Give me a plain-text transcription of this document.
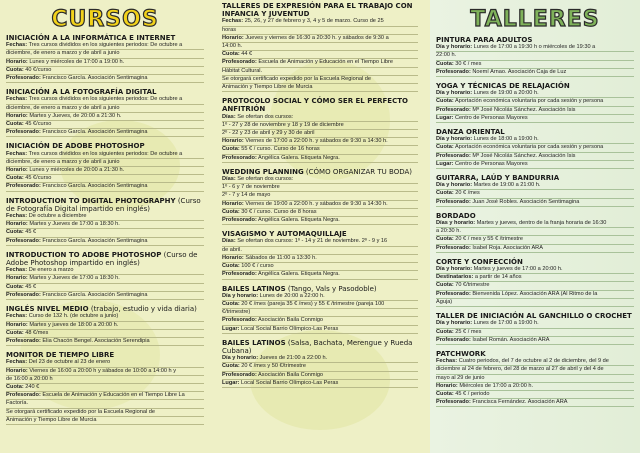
CURSOS
INICIACIÓN A LA INFORMÁTICA E INTERNET
Fechas: Tres cursos divididos en los siguientes periodos: De octubre a
diciembre, de enero a marzo y de abril a junio
Horario: Lunes y miércoles de 17:00 a 19:00 h.
Cuota: 40 €/curso
Profesorado: Francisco García. Asociación Sentimagina
INICIACIÓN A LA FOTOGRAFÍA DIGITAL
Fechas: Tres cursos divididos en los siguientes periodos: De octubre a
diciembre, de enero a marzo y de abril a junio
Horario: Martes y Jueves, de 20:00 a 21:30 h.
Cuota: 45 €/curso
Profesorado: Francisco García. Asociación Sentimagina
INICIACIÓN DE ADOBE PHOTOSHOP
Fechas: Tres cursos divididos en los siguientes periodos: De octubre a
diciembre, de enero a marzo y de abril a junio
Horario: Lunes y miércoles de 20:00 a 21:30 h.
Cuota: 45 €/curso
Profesorado: Francisco García. Asociación Sentimagina
INTRODUCTION TO DIGITAL PHOTOGRAPHY (Curso de Fotografía Digital impartido en inglés)
Fechas: De octubre a diciembre
Horario: Martes y Jueves de 17:00 a 18:30 h.
Cuota: 45 €
Profesorado: Francisco García. Asociación Sentimagina
INTRODUCTION TO ADOBE PHOTOSHOP (Curso de Adobe Photoshop impartido en inglés)
Fechas: De enero a marzo
Horario: Martes y Jueves de 17:00 a 18:30 h.
Cuota: 45 €
Profesorado: Francisco García. Asociación Sentimagina
INGLÉS NIVEL MEDIO (trabajo, estudio y vida diaria)
Fechas: Curso de 132 h. (de octubre a junio)
Horario: Martes y jueves de 18:00 a 20:00 h.
Cuota: 48 €/mes
Profesorado: Elia Chacón Bengel. Asociación Serendipia
MONITOR DE TIEMPO LIBRE
Fechas: Del 23 de octubre al 23 de enero
Horario: Viernes de 16:00 a 20:00 h y sábados de 10:00 a 14:00 h y
de 16:00 a 20:00 h
Cuota: 240 €
Profesorado: Escuela de Animación y Educación en el Tiempo Libre La
Factoría.
Se otorgará certificado expedido por la Escuela Regional de
Animación y Tiempo Libre de Murcia
TALLERES DE EXPRESIÓN PARA EL TRABAJO CON INFANCIA Y JUVENTUD
Fechas: 25, 26, y 27 de febrero y 3, 4 y 5 de marzo. Curso de 25
horas
Horario: Jueves y viernes de 16:30 a 20:30 h. y sábados de 9:30 a
14:00 h.
Cuota: 44 €
Profesorado: Escuela de Animación y Educación en el Tiempo Libre
Hábitat Cultural.
Se otorgará certificado expedido por la Escuela Regional de
Animación y Tiempo Libre de Murcia
PROTOCOLO SOCIAL Y CÓMO SER EL PERFECTO ANFITRIÓN
Días: Se ofertan dos cursos:
1º - 27 y 28 de noviembre y 18 y 19 de diciembre
2º - 22 y 23 de abril y 29 y 30 de abril
Horario: Viernes de 17:00 a 22:00 h. y sábados de 9:30 a 14:30 h.
Cuota: 55 € / curso. Curso de 16 horas
Profesorado: Angélica Galera. Etiqueta Negra.
WEDDING PLANNING (CÓMO ORGANIZAR TU BODA)
Días: Se ofertan dos cursos:
1º - 6 y 7 de noviembre
2º - 7 y 14 de mayo
Horario: Viernes de 19:00 a 22:00 h. y sábados de 9:30 a 14:30 h.
Cuota: 30 € / curso. Curso de 8 horas
Profesorado: Angélica Galera. Etiqueta Negra.
VISAGISMO Y AUTOMAQUILLAJE
Días: Se ofertan dos cursos: 1º - 14 y 21 de noviembre. 2º - 9 y 16
de abril.
Horario: Sábados de 11:00 a 13:30 h.
Cuota: 100 € / curso
Profesorado: Angélica Galera. Etiqueta Negra.
BAILES LATINOS (Tango, Vals y Pasodoble)
Día y horario: Lunes de 20:00 a 22:00 h.
Cuota: 20 € /mes (pareja 35 € /mes) y 55 € /trimestre (pareja 100
€/trimestre)
Profesorado: Asociación Baila Conmigo
Lugar: Local Social Barrio Olímpico-Las Peras
BAILES LATINOS (Salsa, Bachata, Merengue y Rueda Cubana)
Día y horario: Jueves de 21:00 a 22:00 h.
Cuota: 20 € /mes y 50 €/trimestre
Profesorado: Asociación Baila Conmigo
Lugar: Local Social Barrio Olímpico-Las Peras
TALLERES
PINTURA PARA ADULTOS
Día y horario: Lunes de 17:00 a 19:30 h o miércoles de 19:30 a
22:00 h.
Cuota: 30 € / mes
Profesorado: Noemí Arnao. Asociación Caja de Luz
YOGA Y TÉCNICAS DE RELAJACIÓN
Día y horario: Lunes de 19:00 a 20:00 h.
Cuota: Aportación económica voluntaria por cada sesión y persona
Profesorado: Mª José Nicolás Sánchez. Asociación Isis
Lugar: Centro de Personas Mayores
DANZA ORIENTAL
Día y horario: Lunes de 18:00 a 19:00 h.
Cuota: Aportación económica voluntaria por cada sesión y persona
Profesorado: Mª José Nicolás Sánchez. Asociación Isis
Lugar: Centro de Personas Mayores
GUITARRA, LAÚD Y BANDURRIA
Día y horario: Martes de 19:00 a 21:00 h.
Cuota: 20 € /mes
Profesorado: Juan José Robles. Asociación Sentimagina
BORDADO
Días y horario: Martes y jueves, dentro de la franja horaria de 16:30
a 20:30 h.
Cuota: 20 € / mes y 55 € /trimestre
Profesorado: Isabel Roja. Asociación ARA
CORTE Y CONFECCIÓN
Día y horario: Martes y jueves de 17:00 a 20:00 h.
Destinatarios: a partir de 14 años
Cuota: 70 €/trimestre
Profesorado: Bienvenida López. Asociación ARA (Al Ritmo de la
Aguja)
TALLER DE INICIACIÓN AL GANCHILLO O CROCHET
Día y horario: Lunes de 17:00 a 19:00 h.
Cuota: 25 € / mes
Profesorado: Isabel Román. Asociación ARA
PATCHWORK
Fechas: Cuatro periodos, del 7 de octubre al 2 de diciembre, del 9 de
diciembre al 24 de febrero, del 28 de marzo al 27 de abril y del 4 de
mayo al 29 de junio
Horario: Miércoles de 17:00 a 20:00 h.
Cuota: 45 € / periodo
Profesorado: Francisca Fernández. Asociación ARA
